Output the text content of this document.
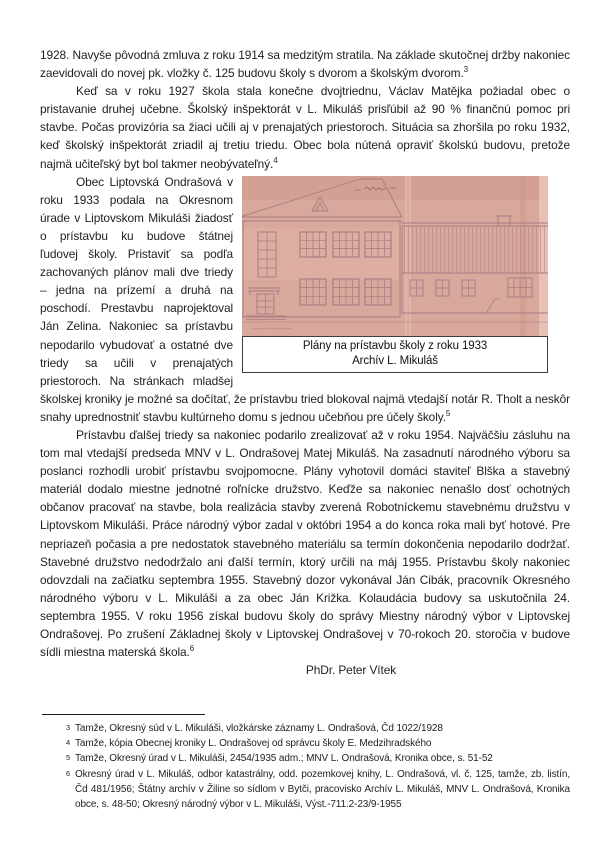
1928. Navyše pôvodná zmluva z roku 1914 sa medzitým stratila. Na základe skutočnej držby nakoniec zaevidovali do novej pk. vložky č. 125 budovu školy s dvorom a školským dvorom.$^3$

Keď sa v roku 1927 škola stala konečne dvojtriednu, Václav Matějka požiadal obec o pristavanie druhej učebne. Školský inšpektorát v L. Mikuláš prisľúbil až 90 % finančnú pomoc pri stavbe. Počas provizória sa žiaci učili aj v prenajatých priestoroch. Situácia sa zhoršila po roku 1932, keď školský inšpektorát zriadil aj tretiu triedu. Obec bola nútená opraviť školskú budovu, pretože najmä učiteľský byt bol takmer neobývateľný.$^4$

Plány na prístavbu školy z roku 1933
Archív L. Mikuláš
Obec Liptovská Ondrašová v roku 1933 podala na Okresnom úrade v Liptovskom Mikuláši žiadosť o prístavbu ku budove štátnej ľudovej školy. Pristaviť sa podľa zachovaných plánov mali dve triedy – jedna na prízemí a druhá na poschodí. Prestavbu naprojektoval Ján Zelina. Nakoniec sa prístavbu nepodarilo vybudovať a ostatné dve triedy sa učili v prenajatých priestoroch. Na stránkach mladšej školskej kroniky je možné sa dočítať, že prístavbu tried blokoval najmä vtedajší notár R. Tholt a neskôr snahy uprednostniť stavbu kultúrneho domu s jednou učebňou pre účely školy.$^5$

Prístavbu ďalšej triedy sa nakoniec podarilo zrealizovať až v roku 1954. Najväčšiu zásluhu na tom mal vtedajší predseda MNV v L. Ondrašovej Matej Mikuláš. Na zasadnutí národného výboru sa poslanci rozhodli urobiť prístavbu svojpomocne. Plány vyhotovil domáci staviteľ Blška a stavebný materiál dodalo miestne jednotné roľnícke družstvo. Keďže sa nakoniec nenašlo dosť ochotných občanov pracovať na stavbe, bola realizácia stavby zverená Robotníckemu stavebnému družstvu v Liptovskom Mikuláši. Práce národný výbor zadal v októbri 1954 a do konca roka mali byť hotové. Pre nepriazeň počasia a pre nedostatok stavebného materiálu sa termín dokončenia nepodarilo dodržať. Stavebné družstvo nedodržalo ani ďalší termín, ktorý určili na máj 1955. Prístavbu školy nakoniec odovzdali na začiatku septembra 1955. Stavebný dozor vykonával Ján Cibák, pracovník Okresného národného výboru v L. Mikuláši a za obec Ján Križka. Kolaudácia budovy sa uskutočnila 24. septembra 1955. V roku 1956 získal budovu školy do správy Miestny národný výbor v Liptovskej Ondrašovej. Po zrušení Základnej školy v Liptovskej Ondrašovej v 70-rokoch 20. storočia v budove sídli miestna materská škola.$^6$

PhDr. Peter Vítek

3 Tamže, Okresný súd v L. Mikuláši, vložkárske záznamy L. Ondrašová, Čd 1022/1928
4 Tamže, kópia Obecnej kroniky L. Ondrašovej od správcu školy E. Medzihradského
5 Tamže, Okresný úrad v L. Mikuláši, 2454/1935 adm.; MNV L. Ondrašová, Kronika obce, s. 51-52
6 Okresný úrad v L. Mikuláš, odbor katastrálny, odd. pozemkovej knihy, L. Ondrašová, vl. č. 125, tamže, zb. listín, Čd 481/1956; Štátny archív v Žiline so sídlom v Bytči, pracovisko Archív L. Mikuláš, MNV L. Ondrašová, Kronika obce, s. 48-50; Okresný národný výbor v L. Mikuláši, Výst.-711.2-23/9-1955
